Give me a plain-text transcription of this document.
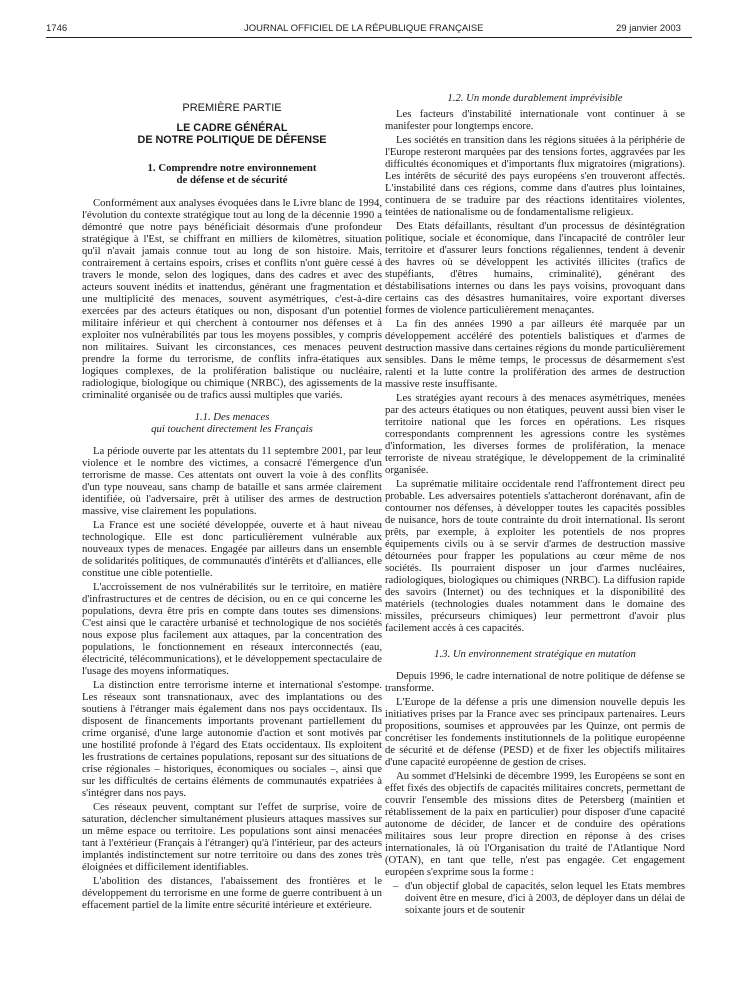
1746	JOURNAL OFFICIEL DE LA RÉPUBLIQUE FRANÇAISE	29 janvier 2003
PREMIÈRE PARTIE
LE CADRE GÉNÉRAL
DE NOTRE POLITIQUE DE DÉFENSE
1. Comprendre notre environnement
de défense et de sécurité

Conformément aux analyses évoquées dans le Livre blanc de 1994, l'évolution du contexte stratégique tout au long de la décennie 1990 a démontré que notre pays bénéficiait désormais d'une profondeur stratégique à l'Est, se chiffrant en milliers de kilomètres, situation qu'il n'avait jamais connue tout au long de son histoire. Mais, contrairement à certains espoirs, crises et conflits n'ont guère cessé à travers le monde, selon des logiques, dans des cadres et avec des acteurs souvent inédits et inattendus, générant une fragmentation et une multiplicité des menaces, souvent asymétriques, c'est-à-dire exercées par des acteurs étatiques ou non, disposant d'un potentiel militaire inférieur et qui cherchent à contourner nos défenses et à exploiter nos vulnérabilités par tous les moyens possibles, y compris non militaires. Suivant les circonstances, ces menaces peuvent prendre la forme du terrorisme, de conflits infra-étatiques aux logiques complexes, de la prolifération balistique ou nucléaire, radiologique, biologique ou chimique (NRBC), des agissements de la criminalité organisée ou de trafics aussi multiples que variés.

1.1. Des menaces
qui touchent directement les Français

La période ouverte par les attentats du 11 septembre 2001, par leur violence et le nombre des victimes, a consacré l'émergence d'un terrorisme de masse. Ces attentats ont ouvert la voie à des conflits d'un type nouveau, sans champ de bataille et sans armée clairement identifiée, où l'adversaire, prêt à utiliser des armes de destruction massive, vise clairement les populations.

La France est une société développée, ouverte et à haut niveau technologique. Elle est donc particulièrement vulnérable aux nouveaux types de menaces. Engagée par ailleurs dans un ensemble de solidarités politiques, de communautés d'intérêts et d'alliances, elle constitue une cible potentielle.

L'accroissement de nos vulnérabilités sur le territoire, en matière d'infrastructures et de centres de décision, ou en ce qui concerne les populations, devra être pris en compte dans toutes ses dimensions. C'est ainsi que le caractère urbanisé et technologique de nos sociétés nous expose plus facilement aux attaques, par la concentration des populations, le fonctionnement en réseaux interconnectés (eau, électricité, télécommunications), et le développement spectaculaire de l'usage des moyens informatiques.

La distinction entre terrorisme interne et international s'estompe. Les réseaux sont transnationaux, avec des implantations ou des soutiens à l'étranger mais également dans nos pays occidentaux. Ils disposent de financements importants provenant partiellement du crime organisé, d'une large autonomie d'action et sont motivés par une hostilité profonde à l'égard des Etats occidentaux. Ils exploitent les frustrations de certaines populations, reposant sur des situations de crise régionales – historiques, économiques ou sociales –, ainsi que sur les difficultés de certains éléments de communautés expatriées à s'intégrer dans nos pays.

Ces réseaux peuvent, comptant sur l'effet de surprise, voire de saturation, déclencher simultanément plusieurs attaques massives sur un même espace ou territoire. Les populations sont ainsi menacées tant à l'extérieur (Français à l'étranger) qu'à l'intérieur, par des acteurs implantés indistinctement sur notre territoire ou dans des zones très éloignées et difficilement identifiables.

L'abolition des distances, l'abaissement des frontières et le développement du terrorisme en une forme de guerre contribuent à un effacement partiel de la limite entre sécurité intérieure et extérieure.

1.2. Un monde durablement imprévisible

Les facteurs d'instabilité internationale vont continuer à se manifester pour longtemps encore.

Les sociétés en transition dans les régions situées à la périphérie de l'Europe resteront marquées par des tensions fortes, aggravées par les difficultés économiques et d'importants flux migratoires (migrations). Les intérêts de sécurité des pays européens s'en trouveront affectés. L'instabilité dans ces régions, comme dans d'autres plus lointaines, continuera de se traduire par des réactions identitaires violentes, teintées de nationalisme ou de fondamentalisme religieux.

Des Etats défaillants, résultant d'un processus de désintégration politique, sociale et économique, dans l'incapacité de contrôler leur territoire et d'assurer leurs fonctions régaliennes, tendent à devenir des havres où se développent les activités illicites (trafics de stupéfiants, d'êtres humains, criminalité), générant des déstabilisations internes ou dans les pays voisins, provoquant dans certains cas des désastres humanitaires, voire exportant diverses formes de violence particulièrement menaçantes.

La fin des années 1990 a par ailleurs été marquée par un développement accéléré des potentiels balistiques et d'armes de destruction massive dans certaines régions du monde particulièrement sensibles. Dans le même temps, le processus de désarmement s'est ralenti et la lutte contre la prolifération des armes de destruction massive reste insuffisante.

Les stratégies ayant recours à des menaces asymétriques, menées par des acteurs étatiques ou non étatiques, peuvent aussi bien viser le territoire national que les forces en opérations. Les risques correspondants comprennent les agressions contre les systèmes d'information, les diverses formes de prolifération, la menace terroriste de niveau stratégique, le développement de la criminalité organisée.

La suprématie militaire occidentale rend l'affrontement direct peu probable. Les adversaires potentiels s'attacheront dorénavant, afin de contourner nos défenses, à développer toutes les capacités possibles de nuisance, hors de toute contrainte du droit international. Ils seront prêts, par exemple, à exploiter les potentiels de nos propres équipements civils ou à se servir d'armes de destruction massive détournées pour frapper les populations au cœur même de nos sociétés. Ils pourraient disposer un jour d'armes nucléaires, radiologiques, biologiques ou chimiques (NRBC). La diffusion rapide des savoirs (Internet) ou des techniques et la disponibilité des matériels (technologies duales notamment dans le domaine des missiles, précurseurs chimiques) leur permettront d'avoir plus facilement accès à ces capacités.

1.3. Un environnement stratégique en mutation

Depuis 1996, le cadre international de notre politique de défense se transforme.

L'Europe de la défense a pris une dimension nouvelle depuis les initiatives prises par la France avec ses principaux partenaires. Leurs propositions, soumises et approuvées par les Quinze, ont permis de concrétiser les fondements institutionnels de la politique européenne de sécurité et de défense (PESD) et de fixer les objectifs militaires d'une capacité européenne de gestion de crises.

Au sommet d'Helsinki de décembre 1999, les Européens se sont en effet fixés des objectifs de capacités militaires concrets, permettant de couvrir l'ensemble des missions dites de Petersberg (maintien et rétablissement de la paix en particulier) pour disposer d'une capacité autonome de décider, de lancer et de conduire des opérations militaires sous leur propre direction en réponse à des crises internationales, là où l'Organisation du traité de l'Atlantique Nord (OTAN), en tant que telle, n'est pas engagée. Cet engagement européen s'exprime sous la forme :

– d'un objectif global de capacités, selon lequel les Etats membres doivent être en mesure, d'ici à 2003, de déployer dans un délai de soixante jours et de soutenir
